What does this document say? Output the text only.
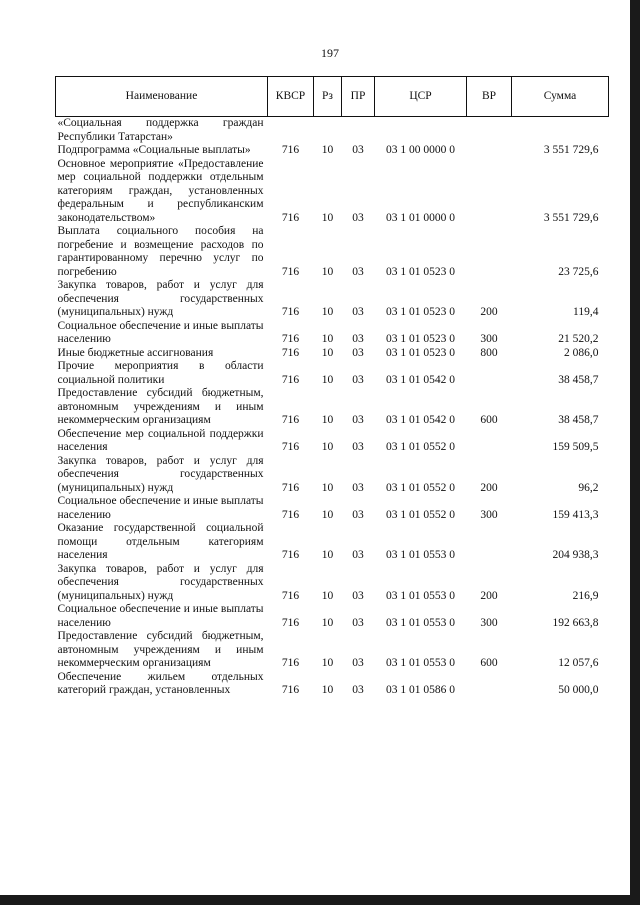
197
Наименование	КВСР	Рз	ПР	ЦСР	ВР	Сумма
«Социальная поддержка граждан Республики Татарстан»						
Подпрограмма «Социальные выплаты»	716	10	03	03 1 00 0000 0		3 551 729,6
Основное мероприятие «Предоставление мер социальной поддержки отдельным категориям граждан, установленных федеральным и республиканским законодательством»	716	10	03	03 1 01 0000 0		3 551 729,6
Выплата социального пособия на погребение и возмещение расходов по гарантированному перечню услуг по погребению	716	10	03	03 1 01 0523 0		23 725,6
Закупка товаров, работ и услуг для обеспечения государственных (муниципальных) нужд	716	10	03	03 1 01 0523 0	200	119,4
Социальное обеспечение и иные выплаты населению	716	10	03	03 1 01 0523 0	300	21 520,2
Иные бюджетные ассигнования	716	10	03	03 1 01 0523 0	800	2 086,0
Прочие мероприятия в области социальной политики	716	10	03	03 1 01 0542 0		38 458,7
Предоставление субсидий бюджетным, автономным учреждениям и иным некоммерческим организациям	716	10	03	03 1 01 0542 0	600	38 458,7
Обеспечение мер социальной поддержки населения	716	10	03	03 1 01 0552 0		159 509,5
Закупка товаров, работ и услуг для обеспечения государственных (муниципальных) нужд	716	10	03	03 1 01 0552 0	200	96,2
Социальное обеспечение и иные выплаты населению	716	10	03	03 1 01 0552 0	300	159 413,3
Оказание государственной социальной помощи отдельным категориям населения	716	10	03	03 1 01 0553 0		204 938,3
Закупка товаров, работ и услуг для обеспечения государственных (муниципальных) нужд	716	10	03	03 1 01 0553 0	200	216,9
Социальное обеспечение и иные выплаты населению	716	10	03	03 1 01 0553 0	300	192 663,8
Предоставление субсидий бюджетным, автономным учреждениям и иным некоммерческим организациям	716	10	03	03 1 01 0553 0	600	12 057,6
Обеспечение жильем отдельных категорий граждан, установленных	716	10	03	03 1 01 0586 0		50 000,0
